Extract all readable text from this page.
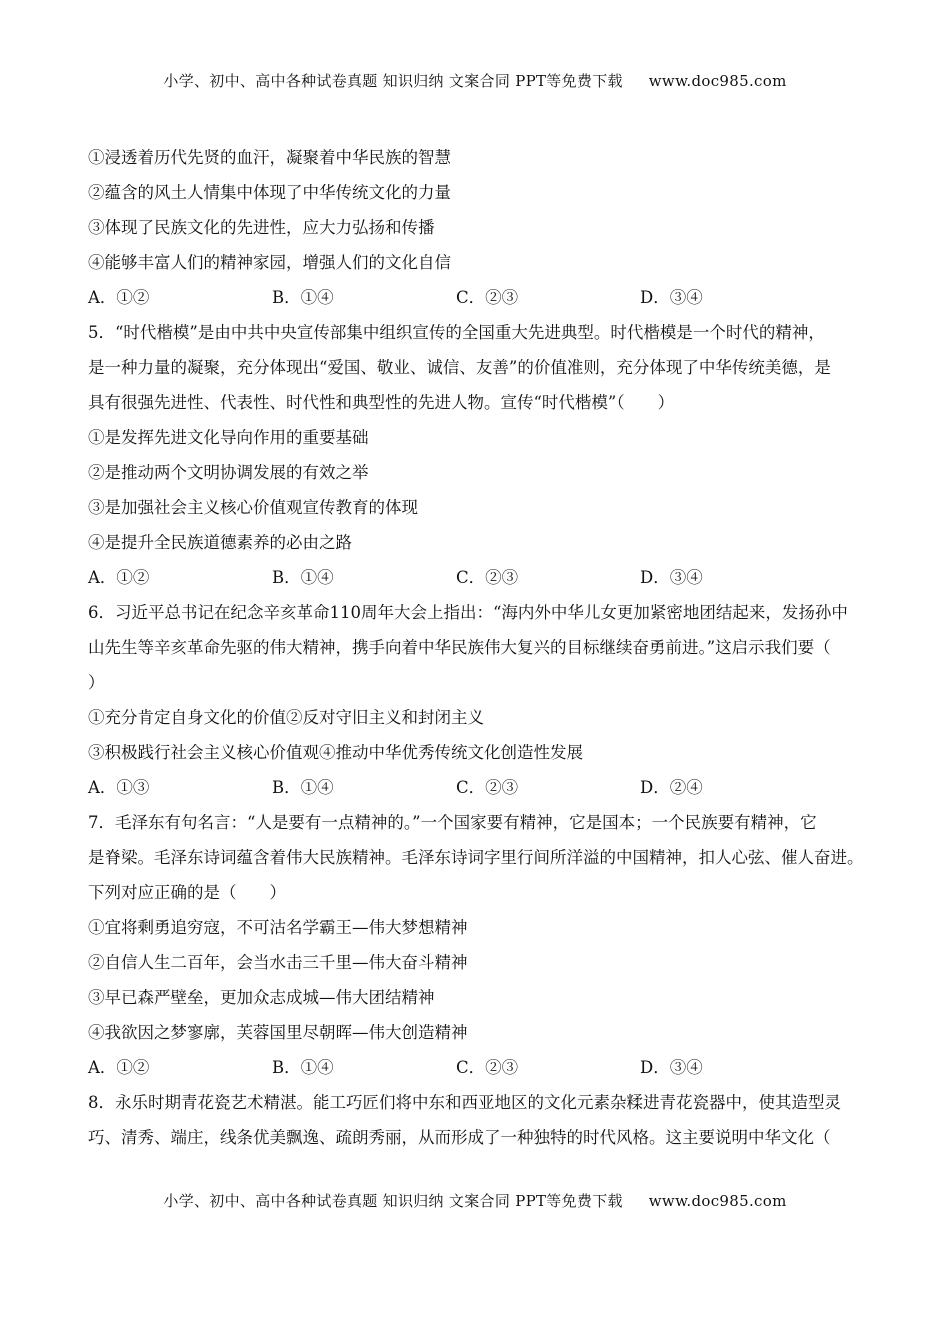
小学、初中、高中各种试卷真题 知识归纳 文案合同 PPT等免费下载 www.doc985.com
①浸透着历代先贤的血汗，凝聚着中华民族的智慧
②蕴含的风土人情集中体现了中华传统文化的力量
③体现了民族文化的先进性，应大力弘扬和传播
④能够丰富人们的精神家园，增强人们的文化自信
A．①②	B．①④	C．②③	D．③④
5．“时代楷模”是由中共中央宣传部集中组织宣传的全国重大先进典型。时代楷模是一个时代的精神，
是一种力量的凝聚，充分体现出“爱国、敬业、诚信、友善”的价值准则，充分体现了中华传统美德，是
具有很强先进性、代表性、时代性和典型性的先进人物。宣传“时代楷模”（　　）
①是发挥先进文化导向作用的重要基础
②是推动两个文明协调发展的有效之举
③是加强社会主义核心价值观宣传教育的体现
④是提升全民族道德素养的必由之路
A．①②	B．①④	C．②③	D．③④
6．习近平总书记在纪念辛亥革命110周年大会上指出：“海内外中华儿女更加紧密地团结起来，发扬孙中
山先生等辛亥革命先驱的伟大精神，携手向着中华民族伟大复兴的目标继续奋勇前进。”这启示我们要（
）
①充分肯定自身文化的价值②反对守旧主义和封闭主义
③积极践行社会主义核心价值观④推动中华优秀传统文化创造性发展
A．①③	B．①④	C．②③	D．②④
7．毛泽东有句名言：“人是要有一点精神的。”一个国家要有精神，它是国本；一个民族要有精神，它
是脊梁。毛泽东诗词蕴含着伟大民族精神。毛泽东诗词字里行间所洋溢的中国精神，扣人心弦、催人奋进。
下列对应正确的是（　　）
①宜将剩勇追穷寇，不可沽名学霸王—伟大梦想精神
②自信人生二百年，会当水击三千里—伟大奋斗精神
③早已森严壁垒，更加众志成城—伟大团结精神
④我欲因之梦寥廓，芙蓉国里尽朝晖—伟大创造精神
A．①②	B．①④	C．②③	D．③④
8．永乐时期青花瓷艺术精湛。能工巧匠们将中东和西亚地区的文化元素杂糅进青花瓷器中，使其造型灵
巧、清秀、端庄，线条优美飘逸、疏朗秀丽，从而形成了一种独特的时代风格。这主要说明中华文化（
小学、初中、高中各种试卷真题 知识归纳 文案合同 PPT等免费下载 www.doc985.com
